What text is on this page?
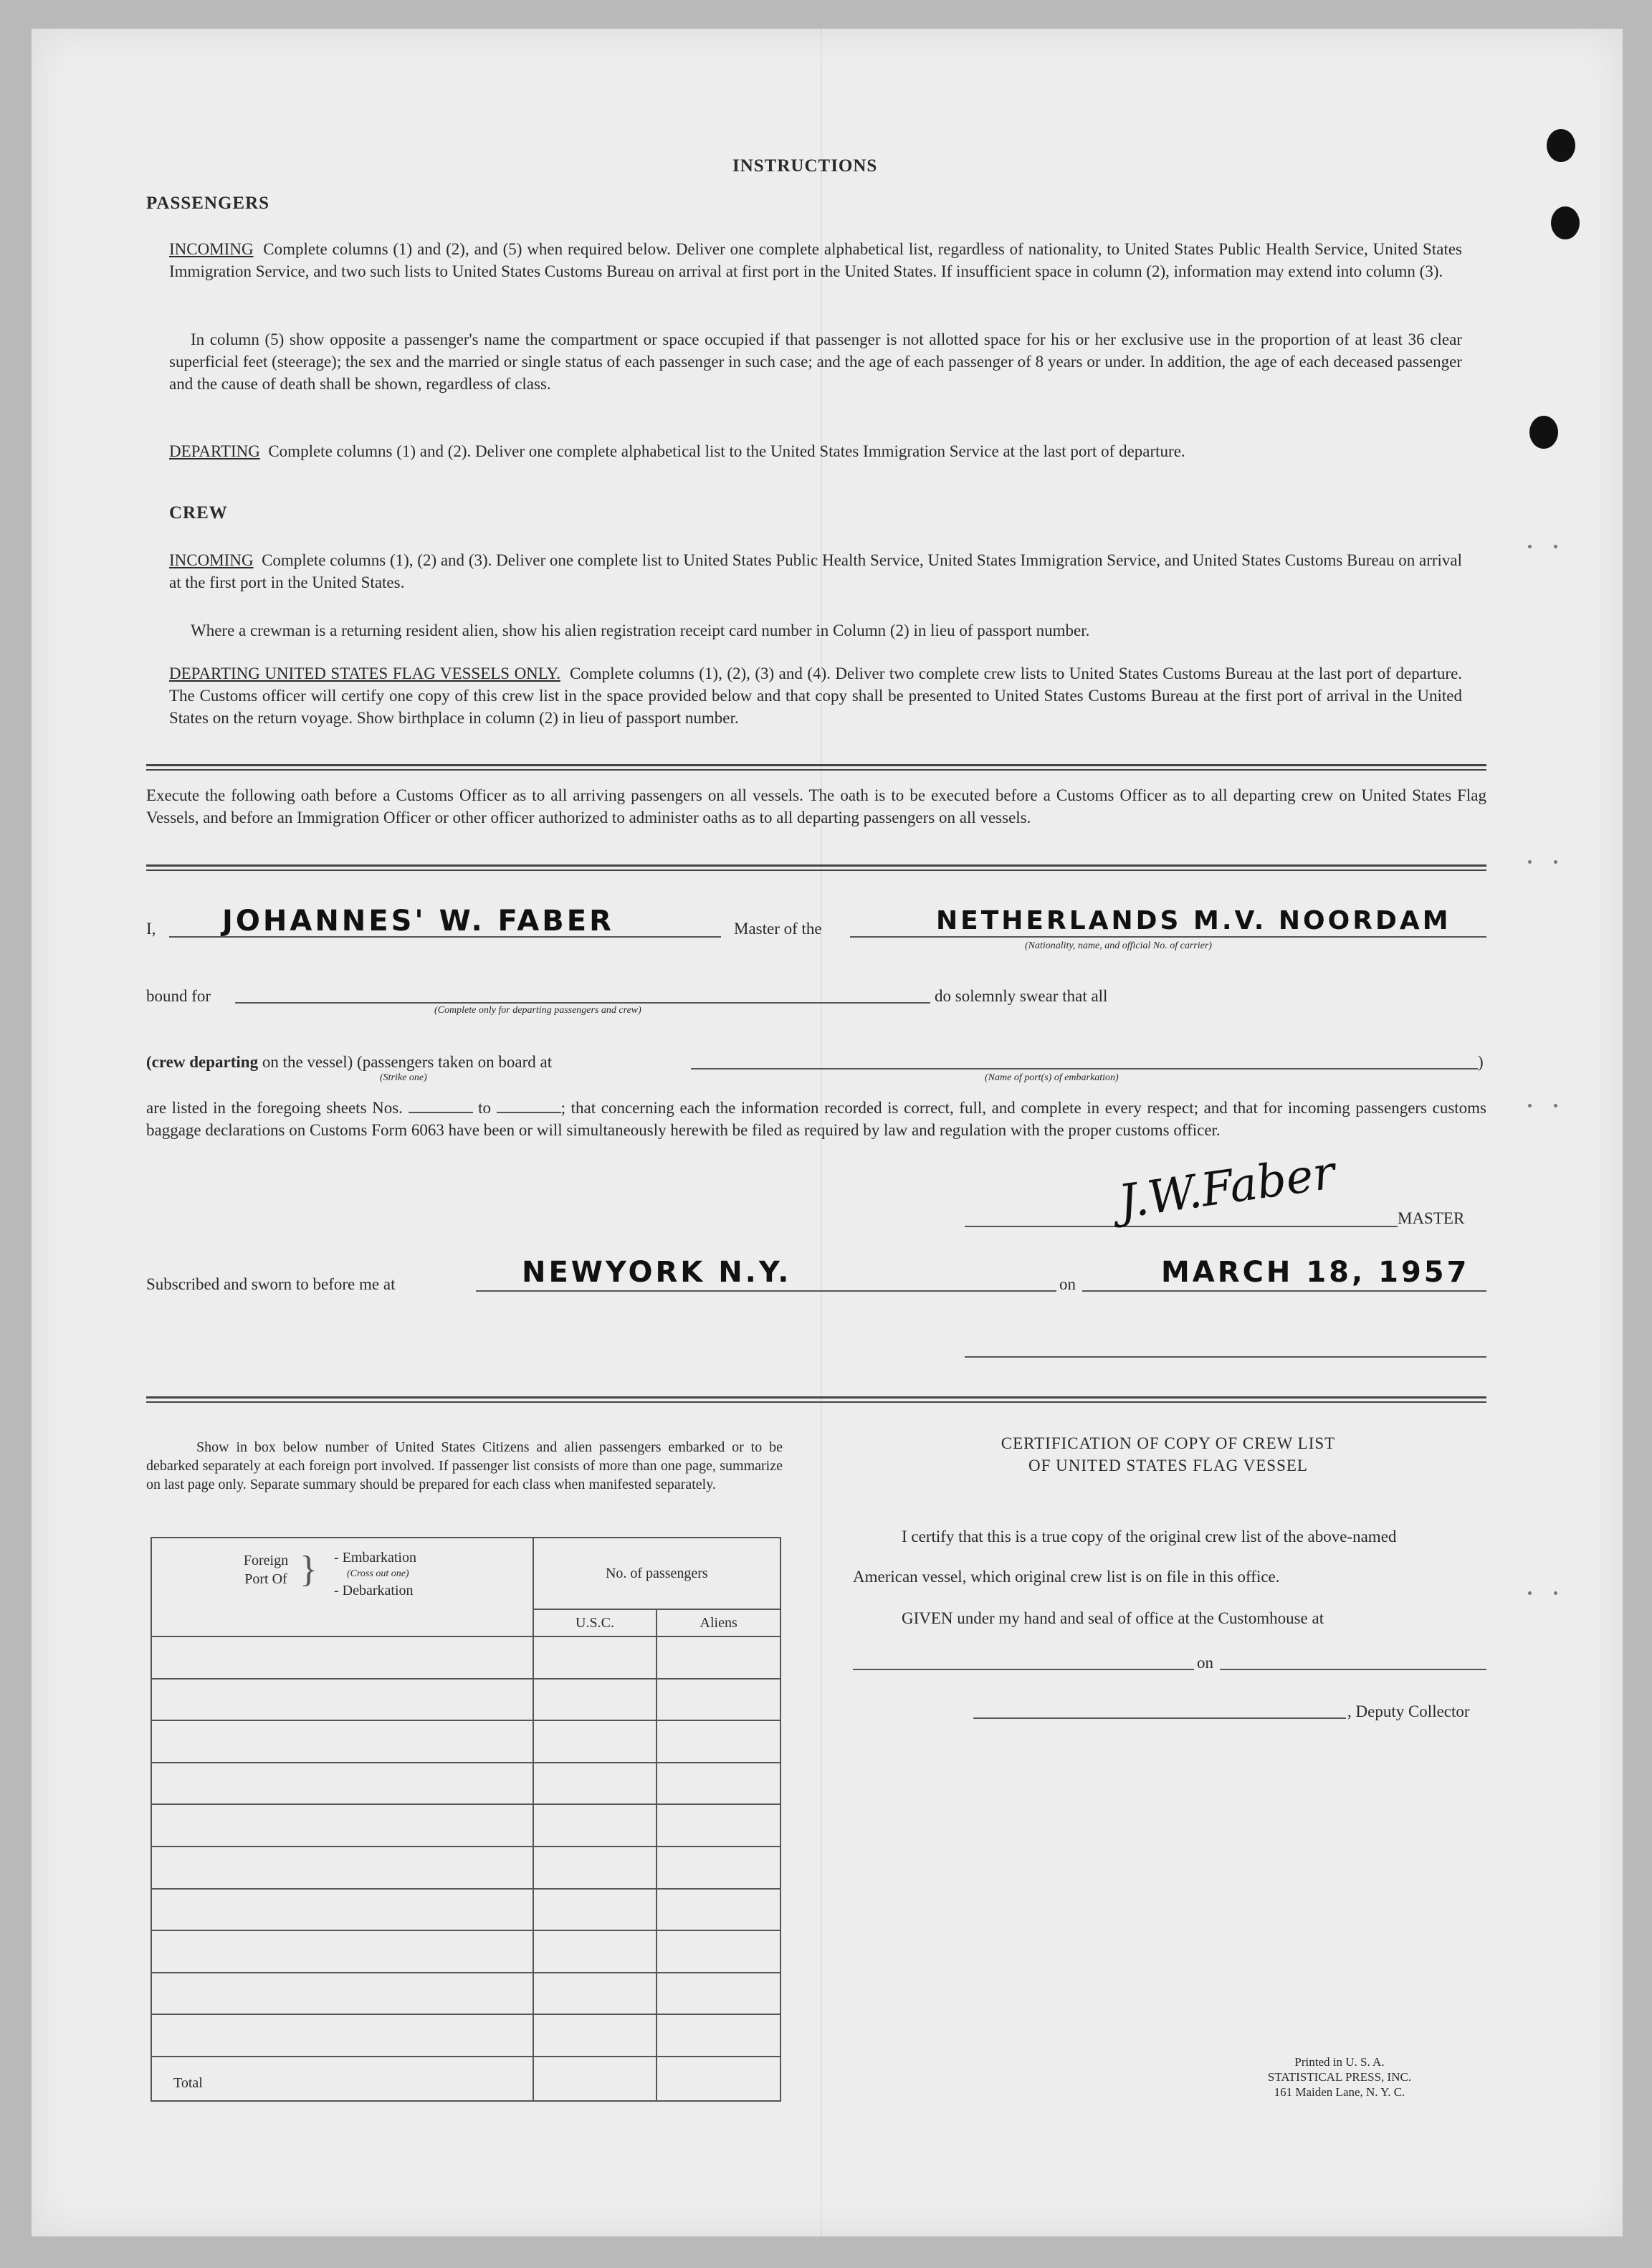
INSTRUCTIONS
PASSENGERS
INCOMING Complete columns (1) and (2), and (5) when required below. Deliver one complete alphabetical list, regardless of nationality, to United States Public Health Service, United States Immigration Service, and two such lists to United States Customs Bureau on arrival at first port in the United States. If insufficient space in column (2), information may extend into column (3).
In column (5) show opposite a passenger's name the compartment or space occupied if that passenger is not allotted space for his or her exclusive use in the proportion of at least 36 clear superficial feet (steerage); the sex and the married or single status of each passenger in such case; and the age of each passenger of 8 years or under. In addition, the age of each deceased passenger and the cause of death shall be shown, regardless of class.
DEPARTING Complete columns (1) and (2). Deliver one complete alphabetical list to the United States Immigration Service at the last port of departure.
CREW
INCOMING Complete columns (1), (2) and (3). Deliver one complete list to United States Public Health Service, United States Immigration Service, and United States Customs Bureau on arrival at the first port in the United States.
Where a crewman is a returning resident alien, show his alien registration receipt card number in Column (2) in lieu of passport number.
DEPARTING UNITED STATES FLAG VESSELS ONLY. Complete columns (1), (2), (3) and (4). Deliver two complete crew lists to United States Customs Bureau at the last port of departure. The Customs officer will certify one copy of this crew list in the space provided below and that copy shall be presented to United States Customs Bureau at the first port of arrival in the United States on the return voyage. Show birthplace in column (2) in lieu of passport number.
Execute the following oath before a Customs Officer as to all arriving passengers on all vessels. The oath is to be executed before a Customs Officer as to all departing crew on United States Flag Vessels, and before an Immigration Officer or other officer authorized to administer oaths as to all departing passengers on all vessels.
I, JOHANNES' W. FABER	Master of the	NETHERLANDS M.V. NOORDAM
(Nationality, name, and official No. of carrier)
bound for
(Complete only for departing passengers and crew)
do solemnly swear that all
(crew departing on the vessel) (passengers taken on board at
(Strike one)
)
(Name of port(s) of embarkation)
are listed in the foregoing sheets Nos.	to	; that concerning each the information recorded is correct, full, and complete in every respect; and that for incoming passengers customs baggage declarations on Customs Form 6063 have been or will simultaneously herewith be filed as required by law and regulation with the proper customs officer.
J.W.Faber	MASTER
Subscribed and sworn to before me at	NEWYORK N.Y.	on	MARCH 18, 1957
Show in box below number of United States Citizens and alien passengers embarked or to be debarked separately at each foreign port involved. If passenger list consists of more than one page, summarize on last page only. Separate summary should be prepared for each class when manifested separately.
Foreign Port Of } - Embarkation
(Cross out one)
- Debarkation	No. of passengers	
	U.S.C.	Aliens

Total		
CERTIFICATION OF COPY OF CREW LIST
OF UNITED STATES FLAG VESSEL
I certify that this is a true copy of the original crew list of the above-named
American vessel, which original crew list is on file in this office.
GIVEN under my hand and seal of office at the Customhouse at
on
, Deputy Collector
Printed in U. S. A.
STATISTICAL PRESS, INC.
161 Maiden Lane, N. Y. C.
